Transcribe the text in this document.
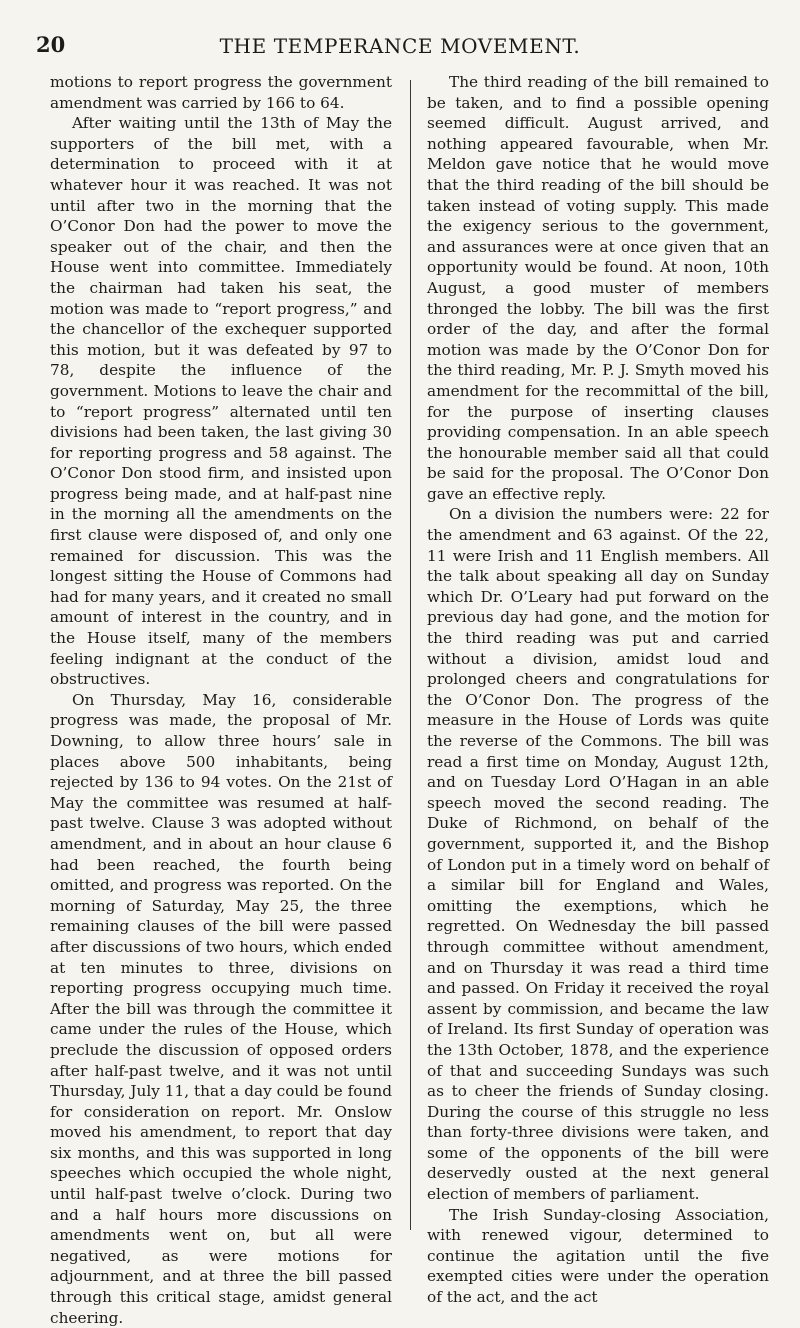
20	THE TEMPERANCE MOVEMENT.

motions to report progress the government amendment was carried by 166 to 64.

After waiting until the 13th of May the supporters of the bill met, with a determination to proceed with it at whatever hour it was reached. It was not until after two in the morning that the O’Conor Don had the power to move the speaker out of the chair, and then the House went into committee. Immediately the chairman had taken his seat, the motion was made to “report progress,” and the chancellor of the exchequer supported this motion, but it was defeated by 97 to 78, despite the influence of the government. Motions to leave the chair and to “report progress” alternated until ten divisions had been taken, the last giving 30 for reporting progress and 58 against. The O’Conor Don stood firm, and insisted upon progress being made, and at half-past nine in the morning all the amendments on the first clause were disposed of, and only one remained for discussion. This was the longest sitting the House of Commons had had for many years, and it created no small amount of interest in the country, and in the House itself, many of the members feeling indignant at the conduct of the obstructives.

On Thursday, May 16, considerable progress was made, the proposal of Mr. Downing, to allow three hours’ sale in places above 500 inhabitants, being rejected by 136 to 94 votes. On the 21st of May the committee was resumed at half-past twelve. Clause 3 was adopted without amendment, and in about an hour clause 6 had been reached, the fourth being omitted, and progress was reported. On the morning of Saturday, May 25, the three remaining clauses of the bill were passed after discussions of two hours, which ended at ten minutes to three, divisions on reporting progress occupying much time. After the bill was through the committee it came under the rules of the House, which preclude the discussion of opposed orders after half-past twelve, and it was not until Thursday, July 11, that a day could be found for consideration on report. Mr. Onslow moved his amendment, to report that day six months, and this was supported in long speeches which occupied the whole night, until half-past twelve o’clock. During two and a half hours more discussions on amendments went on, but all were negatived, as were motions for adjournment, and at three the bill passed through this critical stage, amidst general cheering.

The third reading of the bill remained to be taken, and to find a possible opening seemed difficult. August arrived, and nothing appeared favourable, when Mr. Meldon gave notice that he would move that the third reading of the bill should be taken instead of voting supply. This made the exigency serious to the government, and assurances were at once given that an opportunity would be found. At noon, 10th August, a good muster of members thronged the lobby. The bill was the first order of the day, and after the formal motion was made by the O’Conor Don for the third reading, Mr. P. J. Smyth moved his amendment for the recommittal of the bill, for the purpose of inserting clauses providing compensation. In an able speech the honourable member said all that could be said for the proposal. The O’Conor Don gave an effective reply.

On a division the numbers were: 22 for the amendment and 63 against. Of the 22, 11 were Irish and 11 English members. All the talk about speaking all day on Sunday which Dr. O’Leary had put forward on the previous day had gone, and the motion for the third reading was put and carried without a division, amidst loud and prolonged cheers and congratulations for the O’Conor Don. The progress of the measure in the House of Lords was quite the reverse of the Commons. The bill was read a first time on Monday, August 12th, and on Tuesday Lord O’Hagan in an able speech moved the second reading. The Duke of Richmond, on behalf of the government, supported it, and the Bishop of London put in a timely word on behalf of a similar bill for England and Wales, omitting the exemptions, which he regretted. On Wednesday the bill passed through committee without amendment, and on Thursday it was read a third time and passed. On Friday it received the royal assent by commission, and became the law of Ireland. Its first Sunday of operation was the 13th October, 1878, and the experience of that and succeeding Sundays was such as to cheer the friends of Sunday closing. During the course of this struggle no less than forty-three divisions were taken, and some of the opponents of the bill were deservedly ousted at the next general election of members of parliament.

The Irish Sunday-closing Association, with renewed vigour, determined to continue the agitation until the five exempted cities were under the operation of the act, and the act
